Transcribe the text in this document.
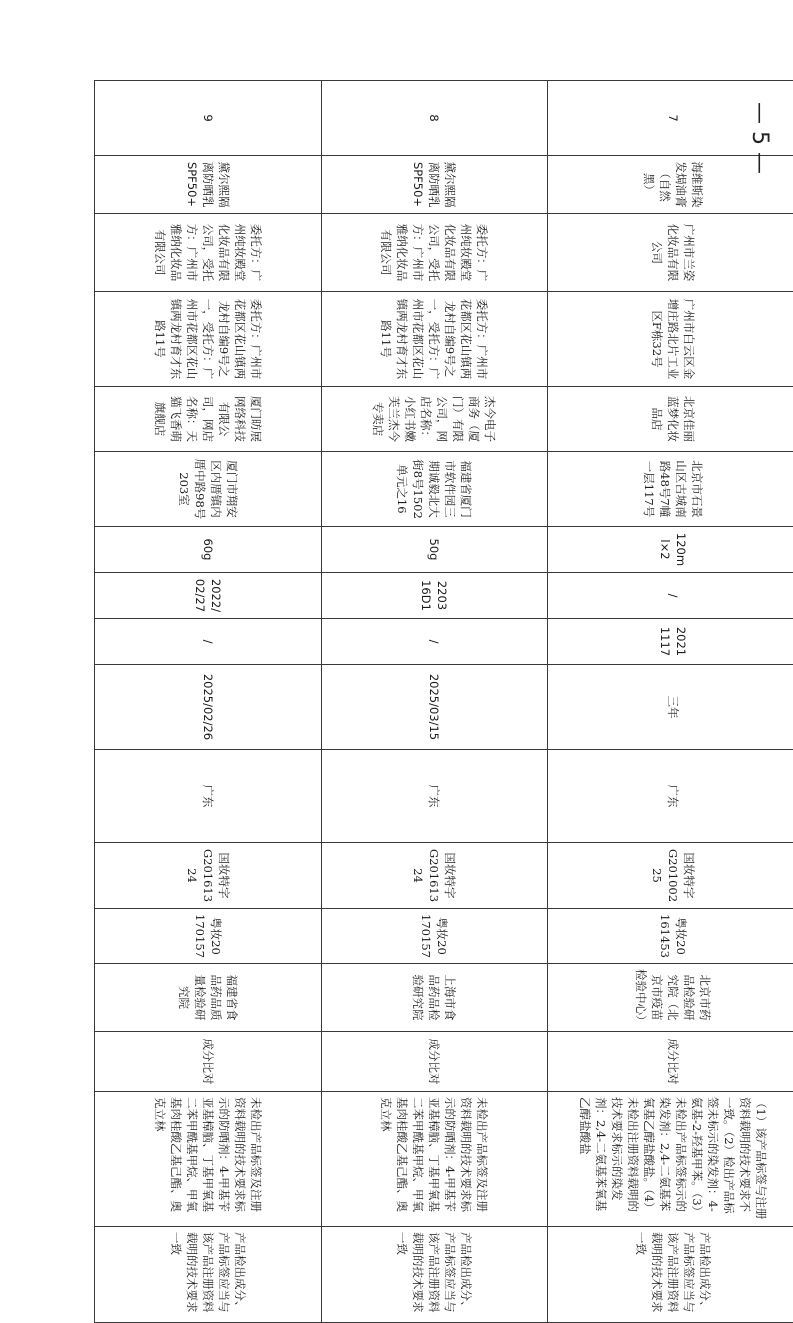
7	海维斯染发焗油膏（自然黑）	广州市兰姿化妆品有限公司	广州市白云区金增庄路北片工业区F栋32号	北京佳丽蓝梦化妆品店	北京市石景山区古城南路48号7幢一层117号	120ml×2	/	20211117	三年	广东	国妆特字G20100225	粤妆20161453	北京市药品检验研究院（北京市疫苗检验中心）	成分比对	（1）该产品标签与注册资料载明的技术要求不一致。（2）检出产品标签未标示的染发剂：4-氨基-2-羟基甲苯。（3）未检出产品标签标示的染发剂：2,4-二氨基苯氧基乙醇盐酸盐。（4）未检出注册资料载明的技术要求标示的染发剂：2,4-二氨基苯氧基乙醇盐酸盐	产品检出成分、产品标签应当与该产品注册资料载明的技术要求一致
8	黛尔熙隔离防晒乳SPF50+	委托方：广州纯妆殿堂化妆品有限公司，受托方：广州市雅纳化妆品有限公司	委托方：广州市花都区花山镇两龙村自编9号之一，受托方：广州市花都区花山镇两龙村育才东路11号	杰今电子商务（厦门）有限公司，网店名称：小红书嫩芙兰杰今专卖店	福建省厦门市软件园三期诚毅北大街8号1502单元之16	50g	220316D1	/	2025/03/15	广东	国妆特字G20161324	粤妆20170157	上海市食品药品检验研究院	成分比对	未检出产品标签及注册资料载明的技术要求标示的防晒剂：4-甲基苄亚基樟脑、丁基甲氧基二苯甲酰基甲烷、甲氧基肉桂酸乙基己酯、奥克立林	产品检出成分、产品标签应当与该产品注册资料载明的技术要求一致
9	黛尔熙隔离防晒乳SPF50+	委托方：广州纯妆殿堂化妆品有限公司，受托方：广州市雅纳化妆品有限公司	委托方：广州市花都区花山镇两龙村自编9号之一，受托方：广州市花都区花山镇两龙村育才东路11号	厦门昉展网络科技有限公司，网店名称：天猫飞香萌旗舰店	厦门市翔安区内厝镇内厝中路98号203室	60g	2022/02/27	/	2025/02/26	广东	国妆特字G20161324	粤妆20170157	福建省食品药品质量检验研究院	成分比对	未检出产品标签及注册资料载明的技术要求标示的防晒剂：4-甲基苄亚基樟脑、丁基甲氧基二苯甲酰基甲烷、甲氧基肉桂酸乙基己酯、奥克立林	产品检出成分、产品标签应当与该产品注册资料载明的技术要求一致
— 5 —
